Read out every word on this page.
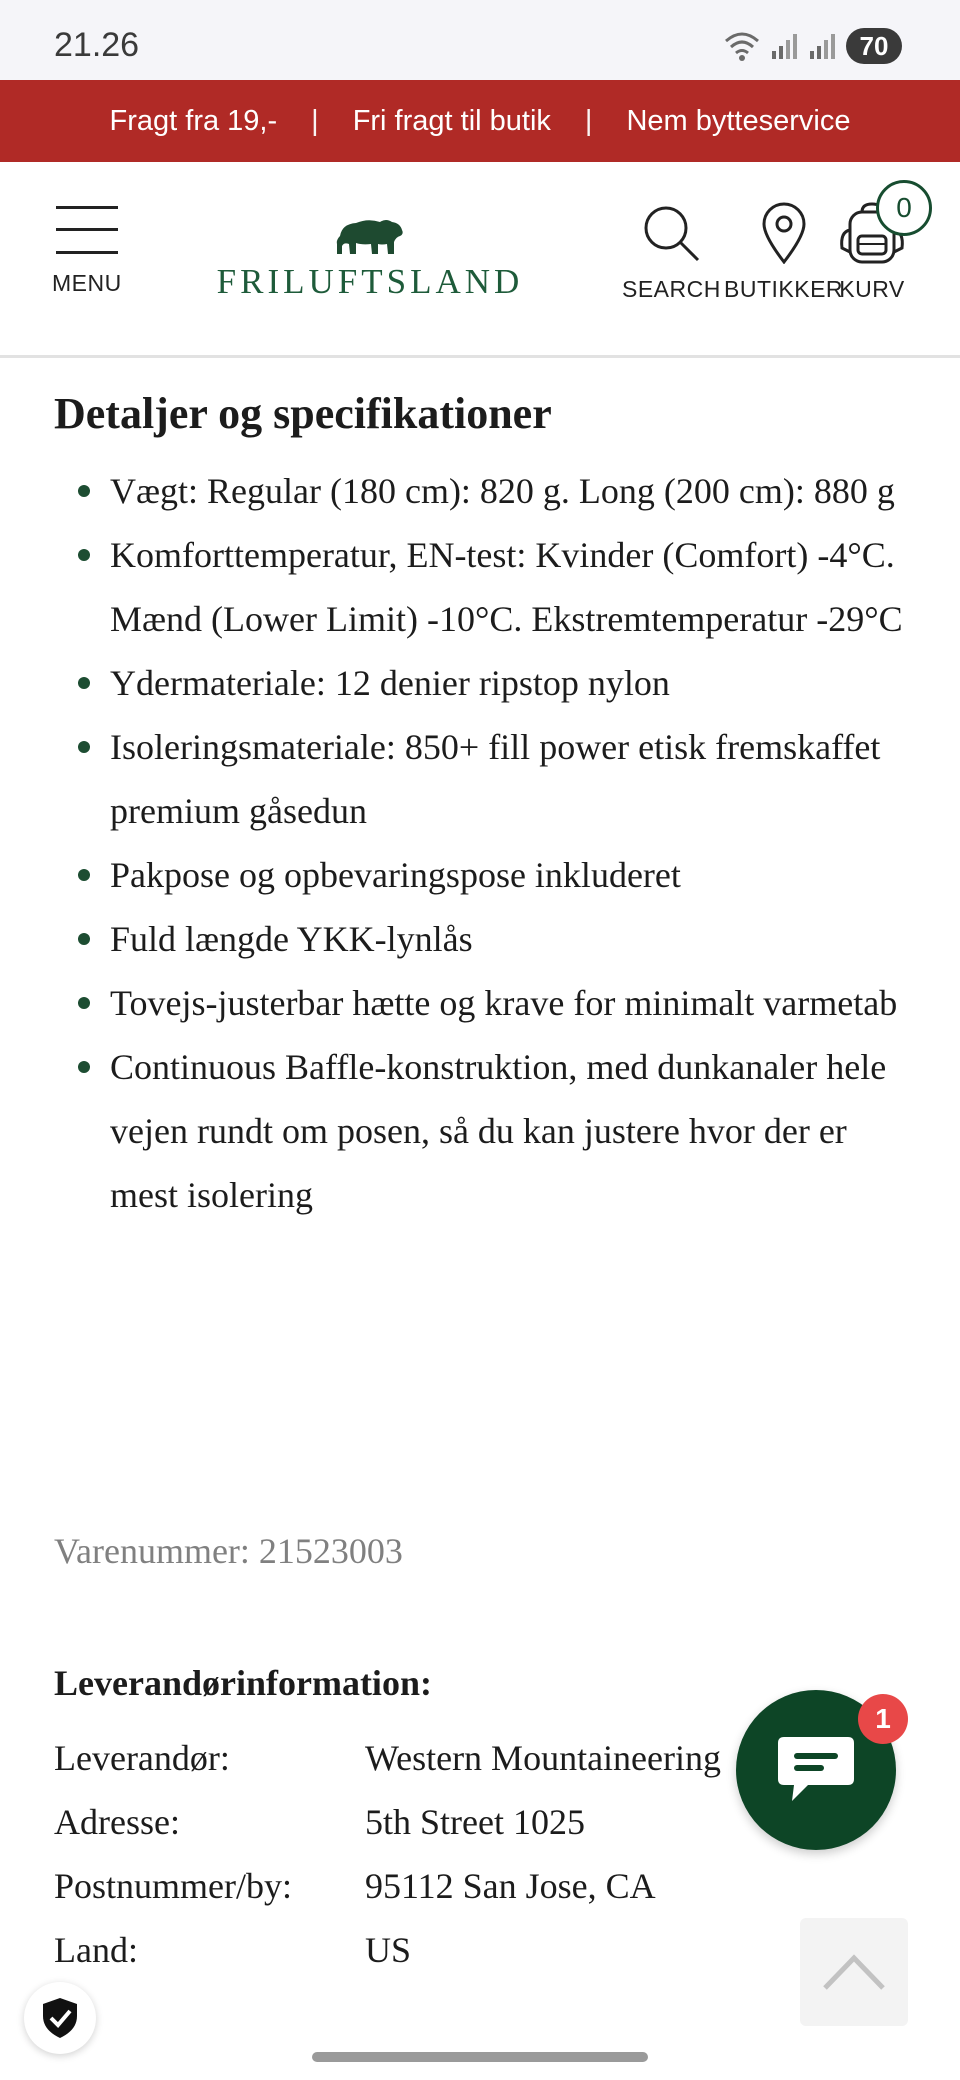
21.26	70
Fragt fra 19,-	|	Fri fragt til butik	|	Nem bytteservice
MENU	FRILUFTSLAND	SEARCH BUTIKKER
KURV
0
Detaljer og specifikationer
Vægt: Regular (180 cm): 820 g. Long (200 cm): 880 g
Komforttemperatur, EN-test: Kvinder (Comfort) -4°C. Mænd (Lower Limit) -10°C. Ekstremtemperatur -29°C
Ydermateriale: 12 denier ripstop nylon
Isoleringsmateriale: 850+ fill power etisk fremskaffet premium gåsedun
Pakpose og opbevaringspose inkluderet
Fuld længde YKK-lynlås
Tovejs-justerbar hætte og krave for minimalt varmetab
Continuous Baffle-konstruktion, med dunkanaler hele vejen rundt om posen, så du kan justere hvor der er mest isolering
Varenummer: 21523003
Leverandørinformation:
Leverandør:	Western Mountaineering
Adresse:	5th Street 1025
Postnummer/by:	95112 San Jose, CA
Land:	US
1
